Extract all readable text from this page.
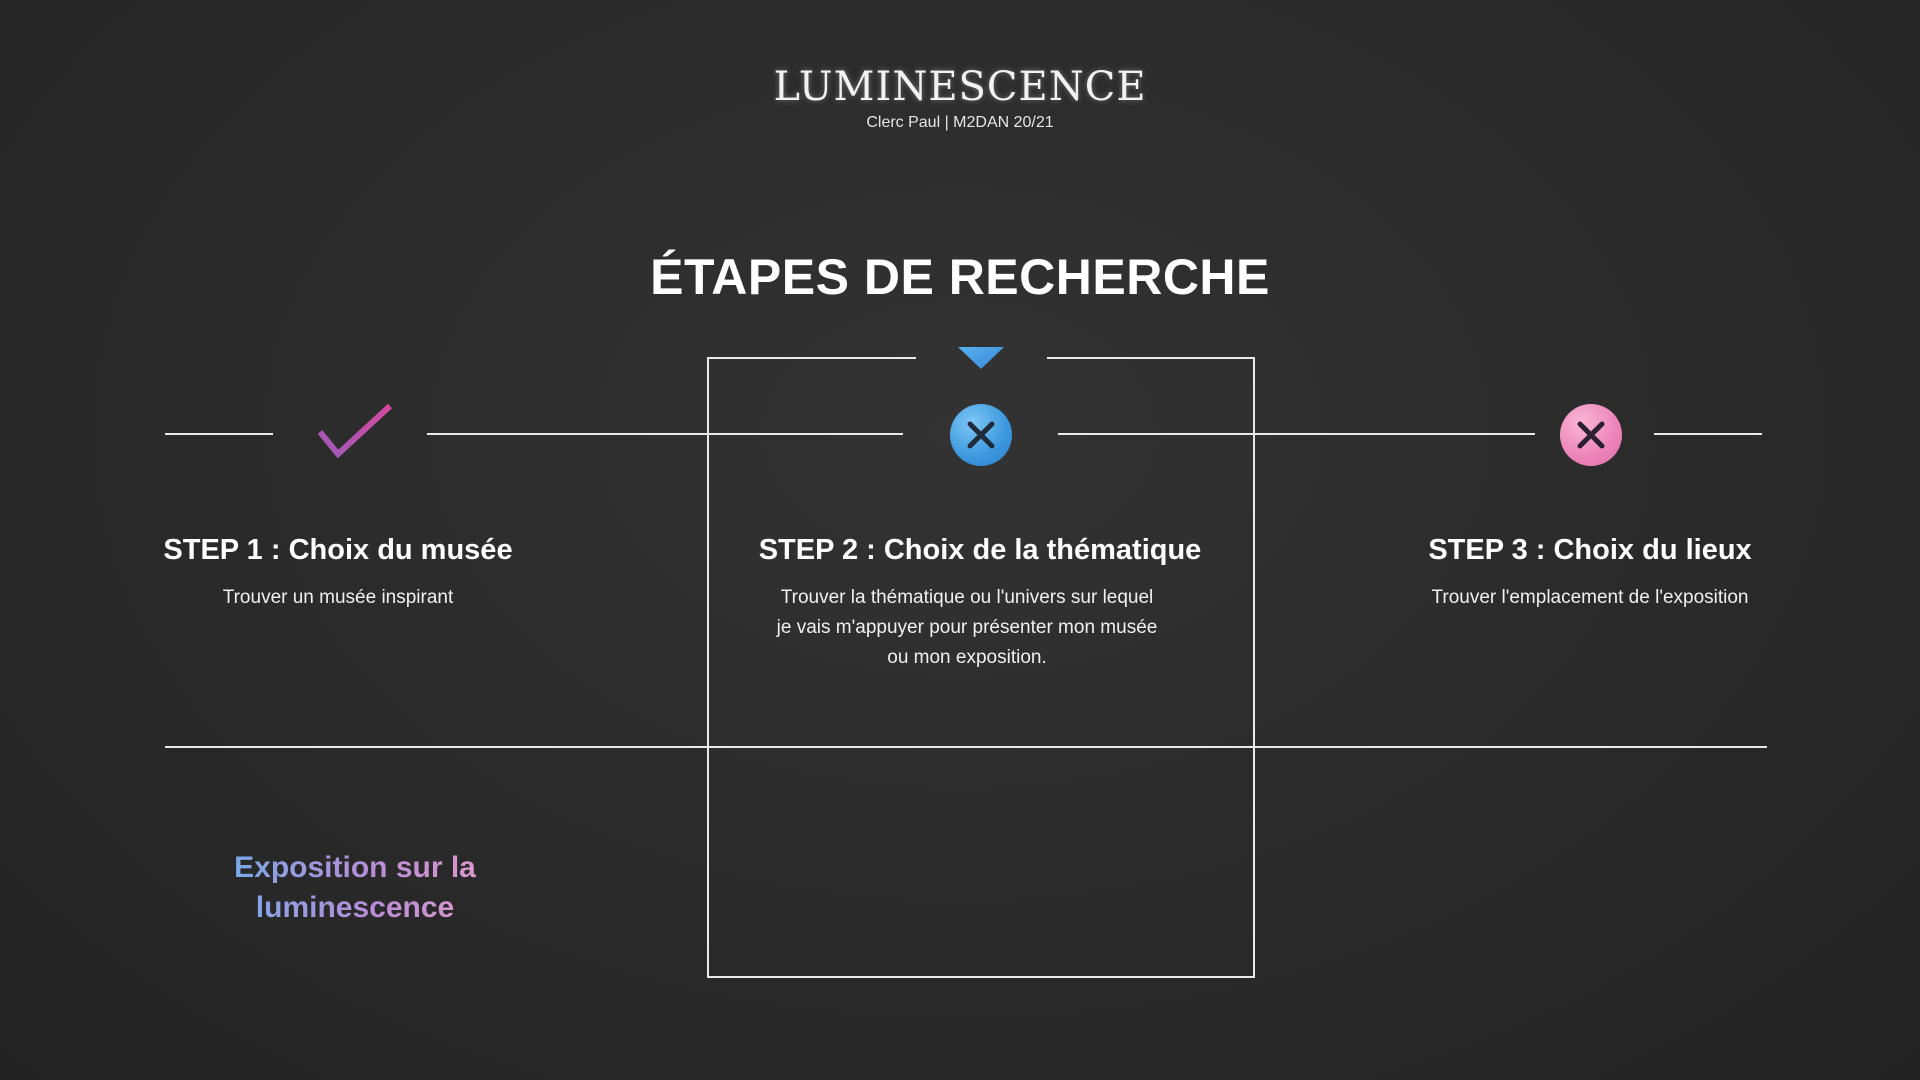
LUMINESCENCE
Clerc Paul | M2DAN 20/21
ÉTAPES DE RECHERCHE
STEP 1 : Choix du musée	STEP 2 : Choix de la thématique	STEP 3 : Choix du lieux
Trouver un musée inspirant	Trouver la thématique ou l'univers sur lequel
je vais m'appuyer pour présenter mon musée
ou mon exposition.
Trouver l'emplacement de l'exposition
Exposition sur la
luminescence
